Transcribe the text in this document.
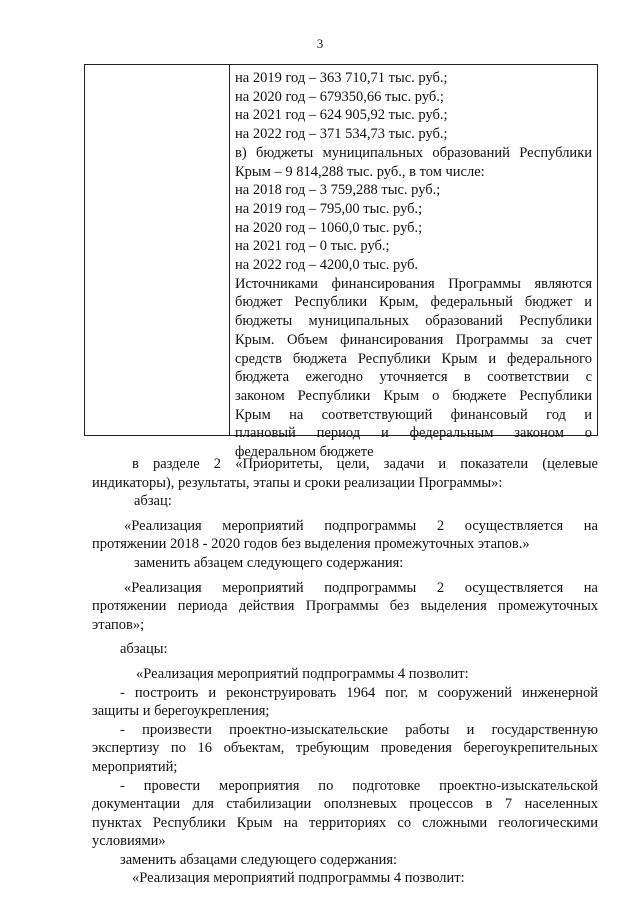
3
на 2019 год – 363 710,71 тыс. руб.;
на 2020 год – 679350,66 тыс. руб.;
на 2021 год – 624 905,92 тыс. руб.;
на 2022 год – 371 534,73 тыс. руб.;
в) бюджеты муниципальных образований Республики
Крым – 9 814,288 тыс. руб., в том числе:
на 2018 год – 3 759,288 тыс. руб.;
на 2019 год – 795,00 тыс. руб.;
на 2020 год – 1060,0 тыс. руб.;
на 2021 год – 0 тыс. руб.;
на 2022 год – 4200,0 тыс. руб.
Источниками финансирования Программы являются
бюджет Республики Крым, федеральный бюджет и
бюджеты муниципальных образований Республики
Крым. Объем финансирования Программы за счет
средств бюджета Республики Крым и федерального
бюджета ежегодно уточняется в соответствии с
законом Республики Крым о бюджете Республики
Крым на соответствующий финансовый год и
плановый период и федеральным законом о
федеральном бюджете
в разделе 2 «Приоритеты, цели, задачи и показатели (целевые
индикаторы), результаты, этапы и сроки реализации Программы»:
абзац:
«Реализация мероприятий подпрограммы 2 осуществляется на
протяжении 2018 - 2020 годов без выделения промежуточных этапов.»
заменить абзацем следующего содержания:
«Реализация мероприятий подпрограммы 2 осуществляется на
протяжении периода действия Программы без выделения промежуточных
этапов»;
абзацы:
«Реализация мероприятий подпрограммы 4 позволит:
- построить и реконструировать 1964 пог. м сооружений инженерной
защиты и берегоукрепления;
- произвести проектно-изыскательские работы и государственную
экспертизу по 16 объектам, требующим проведения берегоукрепительных
мероприятий;
- провести мероприятия по подготовке проектно-изыскательской
документации для стабилизации оползневых процессов в 7 населенных
пунктах Республики Крым на территориях со сложными геологическими
условиями»
заменить абзацами следующего содержания:
«Реализация мероприятий подпрограммы 4 позволит:
